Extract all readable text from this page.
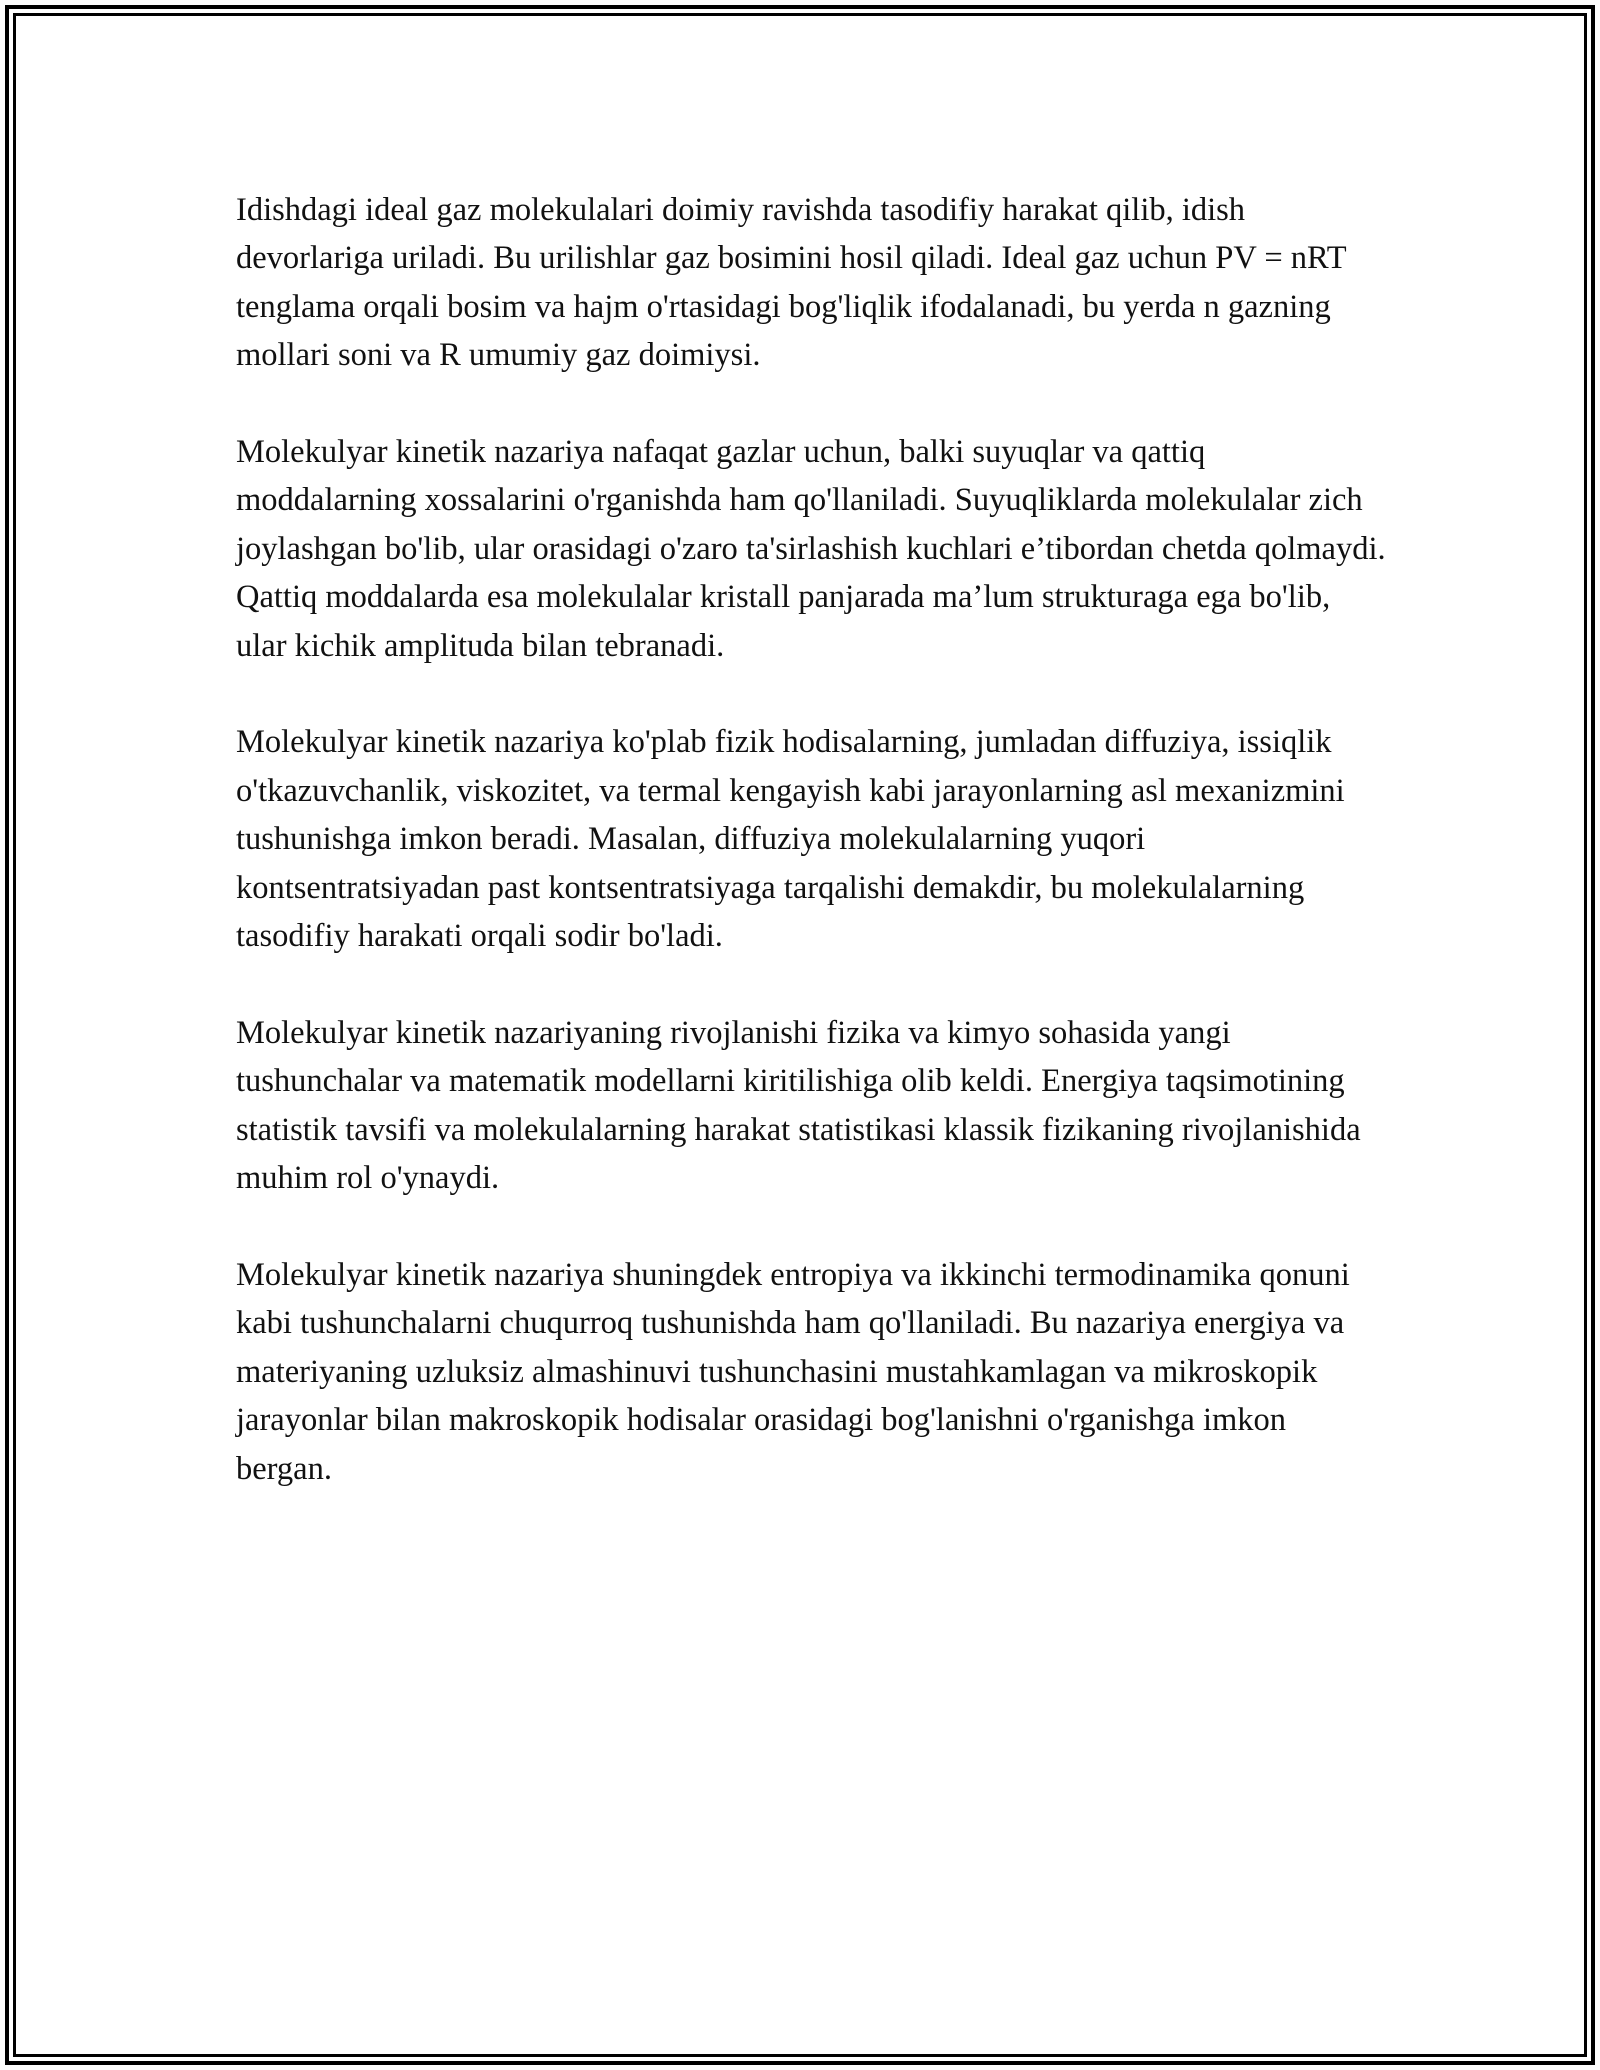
Idishdagi ideal gaz molekulalari doimiy ravishda tasodifiy harakat qilib, idish devorlariga uriladi. Bu urilishlar gaz bosimini hosil qiladi. Ideal gaz uchun PV = nRT tenglama orqali bosim va hajm o'rtasidagi bog'liqlik ifodalanadi, bu yerda n gazning mollari soni va R umumiy gaz doimiysi.

Molekulyar kinetik nazariya nafaqat gazlar uchun, balki suyuqlar va qattiq moddalarning xossalarini o'rganishda ham qo'llaniladi. Suyuqliklarda molekulalar zich joylashgan bo'lib, ular orasidagi o'zaro ta'sirlashish kuchlari e’tibordan chetda qolmaydi. Qattiq moddalarda esa molekulalar kristall panjarada ma’lum strukturaga ega bo'lib, ular kichik amplituda bilan tebranadi.

Molekulyar kinetik nazariya ko'plab fizik hodisalarning, jumladan diffuziya, issiqlik o'tkazuvchanlik, viskozitet, va termal kengayish kabi jarayonlarning asl mexanizmini tushunishga imkon beradi. Masalan, diffuziya molekulalarning yuqori kontsentratsiyadan past kontsentratsiyaga tarqalishi demakdir, bu molekulalarning tasodifiy harakati orqali sodir bo'ladi.

Molekulyar kinetik nazariyaning rivojlanishi fizika va kimyo sohasida yangi tushunchalar va matematik modellarni kiritilishiga olib keldi. Energiya taqsimotining statistik tavsifi va molekulalarning harakat statistikasi klassik fizikaning rivojlanishida muhim rol o'ynaydi.

Molekulyar kinetik nazariya shuningdek entropiya va ikkinchi termodinamika qonuni kabi tushunchalarni chuqurroq tushunishda ham qo'llaniladi. Bu nazariya energiya va materiyaning uzluksiz almashinuvi tushunchasini mustahkamlagan va mikroskopik jarayonlar bilan makroskopik hodisalar orasidagi bog'lanishni o'rganishga imkon bergan.
